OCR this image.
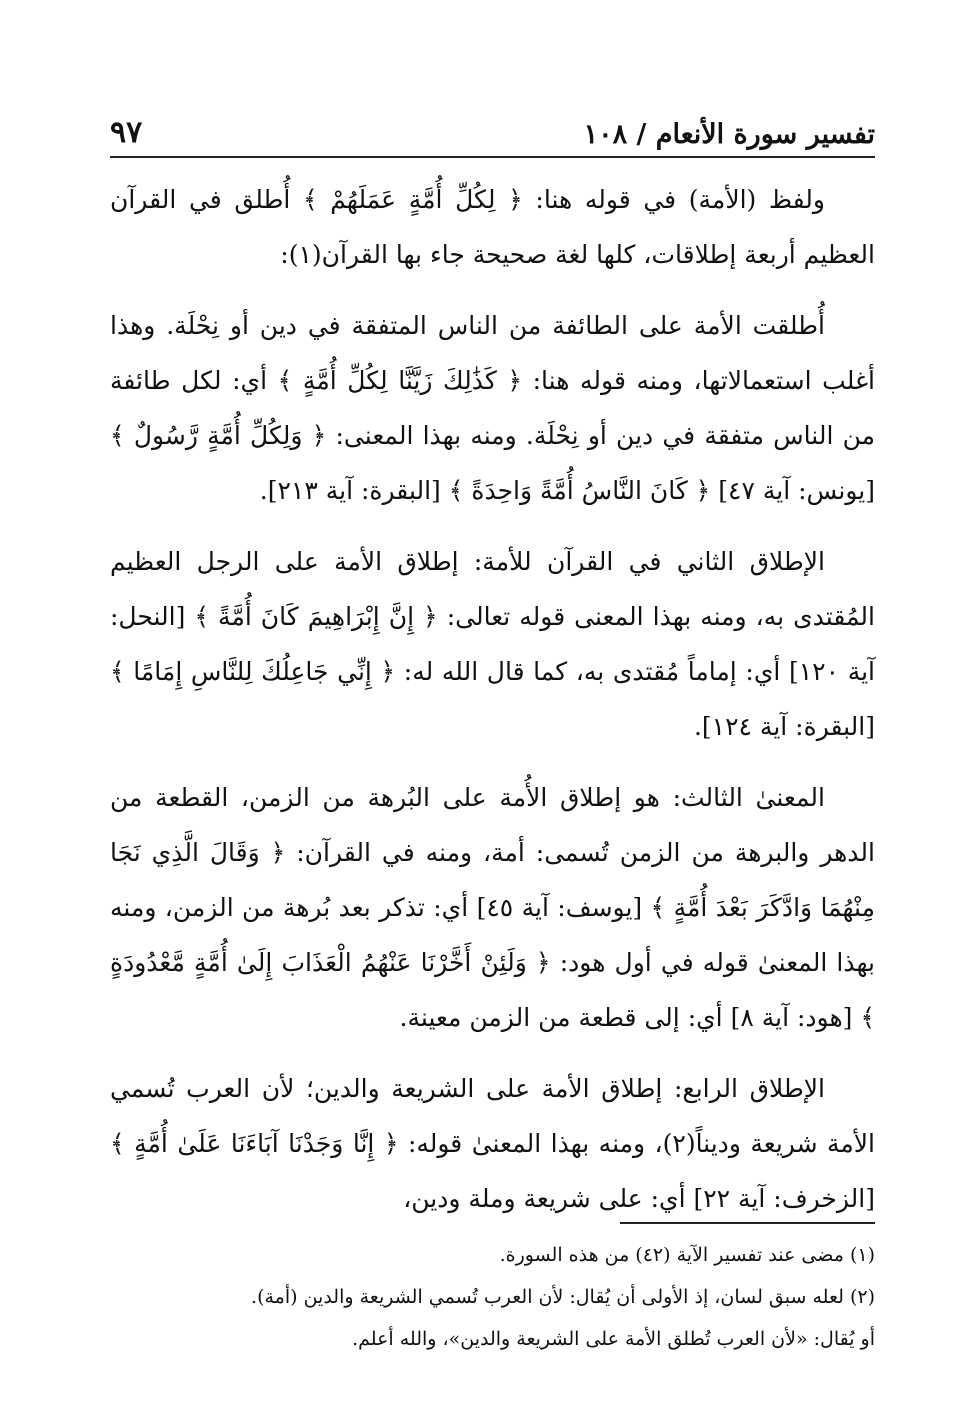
تفسير سورة الأنعام / ١٠٨
٩٧

ولفظ (الأمة) في قوله هنا: ﴿ لِكُلِّ أُمَّةٍ عَمَلَهُمْ ﴾ أُطلق في القرآن العظيم أربعة إطلاقات، كلها لغة صحيحة جاء بها القرآن(١):

أُطلقت الأمة على الطائفة من الناس المتفقة في دين أو نِحْلَة. وهذا أغلب استعمالاتها، ومنه قوله هنا: ﴿ كَذَٰلِكَ زَيَّنَّا لِكُلِّ أُمَّةٍ ﴾ أي: لكل طائفة من الناس متفقة في دين أو نِحْلَة. ومنه بهذا المعنى: ﴿ وَلِكُلِّ أُمَّةٍ رَّسُولٌ ﴾ [يونس: آية ٤٧] ﴿ كَانَ النَّاسُ أُمَّةً وَاحِدَةً ﴾ [البقرة: آية ٢١٣].

الإطلاق الثاني في القرآن للأمة: إطلاق الأمة على الرجل العظيم المُقتدى به، ومنه بهذا المعنى قوله تعالى: ﴿ إِنَّ إِبْرَاهِيمَ كَانَ أُمَّةً ﴾ [النحل: آية ١٢٠] أي: إماماً مُقتدى به، كما قال الله له: ﴿ إِنِّي جَاعِلُكَ لِلنَّاسِ إِمَامًا ﴾ [البقرة: آية ١٢٤].

المعنىٰ الثالث: هو إطلاق الأُمة على البُرهة من الزمن، القطعة من الدهر والبرهة من الزمن تُسمى: أمة، ومنه في القرآن: ﴿ وَقَالَ الَّذِي نَجَا مِنْهُمَا وَادَّكَرَ بَعْدَ أُمَّةٍ ﴾ [يوسف: آية ٤٥] أي: تذكر بعد بُرهة من الزمن، ومنه بهذا المعنىٰ قوله في أول هود: ﴿ وَلَئِنْ أَخَّرْنَا عَنْهُمُ الْعَذَابَ إِلَىٰ أُمَّةٍ مَّعْدُودَةٍ ﴾ [هود: آية ٨] أي: إلى قطعة من الزمن معينة.

الإطلاق الرابع: إطلاق الأمة على الشريعة والدين؛ لأن العرب تُسمي الأمة شريعة وديناً(٢)، ومنه بهذا المعنىٰ قوله: ﴿ إِنَّا وَجَدْنَا آبَاءَنَا عَلَىٰ أُمَّةٍ ﴾ [الزخرف: آية ٢٢] أي: على شريعة وملة ودين،

(١) مضى عند تفسير الآية (٤٢) من هذه السورة.

(٢) لعله سبق لسان، إذ الأولى أن يُقال: لأن العرب تُسمي الشريعة والدين (أمة).

أو يُقال: «لأن العرب تُطلق الأمة على الشريعة والدين»، والله أعلم.
